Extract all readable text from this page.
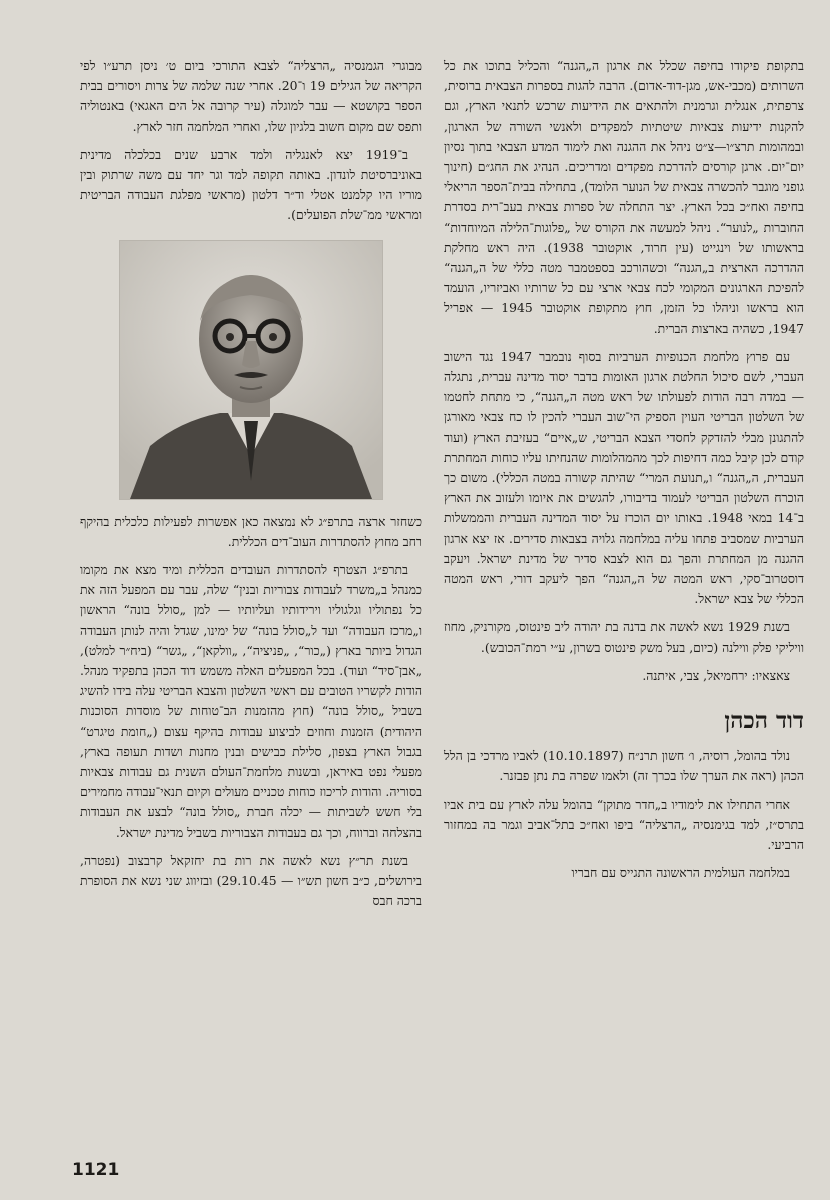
בתקופת פיקודו בחיפה שכלל את ארגון ה„הגנה“ והכליל בתוכו את כל השרותים (מכבי-אש, מגן-דוד-אדום). הרבה להגות בספרות הצבאית ברוסית, צרפתית, אנגלית וגרמנית ולהתאים את הידיעות שרכש לתנאי הארץ, וגם להקנות ידיעות צבאיות שיטתיות למפקדים ולאנשי השורה של הארגון, ובמהומות תרצ״ו—צ״ט ניהל את ההגנה ואת לימוד המדע הצבאי בתוך נסיון יום־יום. ארגן קורסים להדרכת מפקדים ומדריכים. הנהיג את החג״ם (חינוך גופני מוגבר להכשרה צבאית של הנוער הלומד), בתחילה בבית־הספר הריאלי בחיפה ואח״כ בכל הארץ. יצר התחלה של ספרות צבאית בעב־רית בסדרת החוברות „לנוער“. ניהל למעשה את הקורס של „פלוגות־הלילה המיוחדות“ בראשותו של וינגייט (עין חרוד, אוקטובר 1938). היה ראש מחלקת ההדרכה הארצית ב„הגנה“ וכשהורכב בספטמבר מטה כללי של ה„הגנה“ להפיכת הארגונים המקומי לכח צבאי ארצי עם כל שרותיו ואביזריו, הועמד הוא בראשו וניהלו כל הזמן, חוץ מתקופת אוקטובר 1945 — אפריל 1947, כשהיה בארצות הברית.

עם פרוץ מלחמת הכנופיות הערביות בסוף נובמבר 1947 נגד הישוב העברי, לשם סיכול החלטת ארגון האומות בדבר יסוד מדינה עברית, נתגלה — במדה רבה הודות לפעולתו של ראש מטה ה„הגנה“, כי מתחת לחטמו של השלטון הבריטי העוין הספיק הי־שוב העברי להכין לו כח צבאי מאורגן להתגונן מבלי להזדקק לחסדי הצבא הבריטי, ש„איים“ בעזיבת הארץ (ועוד קודם לכן קיבל כמה דחיפות לכך מהמהלומות שהנחיתו עליו כוחות המחתרת העברית, ה„הגנה“ ו„תנועת המרי“ שהיתה קשורה במטה הכללי). משום כך הוכרח השלטון הבריטי לעמוד בדיבורו, להגשים את איומו ולעזוב את הארץ ב־14 במאי 1948. באותו יום הוכרז על יסוד המדינה העברית והממשלות הערביות שמסביב פתחו עליה במלחמה גלויה בצבאות סדירים. אז יצא ארגון ההגנה מן המחתרת והפך גם הוא לצבא סדיר של מדינת ישראל. ויעקב דוסטרוב־סקי, ראש המטה של ה„הגנה“ הפך ליעקב דורי, ראש המטה הכללי של צבא ישראל.

בשנת 1929 נשא לאשה את בדנה בת יהודה ליב פינטוס, מקורניק, מחוז וויליקי פלק ווילנה (כיום, בעל משק פינטוס בשרון, ע״י רמת־הכובש).

צאצאיו: ירחמיאל, צבי, איתנה.

דוד הכהן

נולד בהומל, רוסיה, ו׳ חשון תרנ״ח (10.10.1897) לאביו מרדכי בן הלל הכהן (ראה את הערך שלו בכרך זה) ולאמו שפרה בת נתן פבזנר.

אחרי התחילו את לימודיו ב„חדר מתוקן“ בהומל עלה לארץ עם בית אביו בתרס״ז, למד בגימנסיה „הרצליה“ ביפו ואח״כ בתל־אביב וגמר בה במחזור הרביעי.

במלחמה העולמית הראשונה התגייס עם חבריו

מבוגרי הגמנסיה „הרצליה“ לצבא התורכי ביום ט׳ ניסן תרע״ו לפי הקריאה של הגילים 19 ו־20. אחרי שנה שלמה של צרות ויסורים בבית הספר בקושטא — עבר למוגלה (עיר קרובה אל הים האגאי) באנטוליה ותפס שם מקום חשוב בלגיון שלו, ואחרי המלחמה חזר לארץ.

ב־1919 יצא לאנגליה ולמד ארבע שנים בכלכלה מדינית באוניברסיטת לונדון. באותה תקופה למד וגר יחד עם משה שרתוק ובין מוריו היו קלמנט אטלי וד״ר דלטון (מראשי מפלגת העבודה הבריטית ומראשי ממ־שלת הפועלים).

כשחזר ארצה בתרפ״ג לא נמצאה כאן אפשרות לפעילות כלכלית בהיקף רחב מחוץ להסתדרות העוב־דים הכללית.

בתרפ״ג הצטרף להסתדרות העובדים הכללית ומיד מצא את מקומו כמנהל ב„משרד לעבודות צבוריות ובנין“ שלה, עבר עם המפעל הזה את כל נפתוליו וגלגוליו וירידותיו ועליותיו — למן „סולל בונה“ הראשון ו„מרכז העבודה“ ועד ל„סולל בונה“ של ימינו, שגדל והיה לנותן העבודה הגדול ביותר בארץ („כור“, „פניציה“, „וולקאן“, „גשר“ (ביח״ר למלט), „אבן־סיד“ ועוד). בכל המפעלים האלה משמש דוד הכהן בתפקיד מנהל. הודות לקשריו הטובים עם ראשי השלטון והצבא הבריטי עלה בידו להשיג בשביל „סולל בונה“ (חוץ מהזמנות הב־טוחות של מוסדות הסוכנות היהודית) הזמנות וחוזים לביצוע עבודות בהיקף עצום („חומת טיגרט“ בגבול הארץ בצפון, סלילת כבישים ובנין מחנות ושדות תעופה בארץ, מפעלי נפט באיראן, ובשנות מלחמת־העולם השנית גם עבודות צבאיות בסוריה. והודות לריכוז כוחות טכניים מעולים וקיום תנאי־עבודה מחמירים בלי חשש לשביתות — יכלה חברת „סולל בונה“ לבצע את העבודות בהצלחה וברווח, וכך גם בעבודות הצבוריות בשביל מדינת ישראל.

בשנת תר״ץ נשא לאשה את רות בת יחזקאל קרבצוב (נפטרה, בירושלים, כ״ב חשון תש״ו — 29.10.45) ובזיווג שני נשא את הסופרת ברכה חבס

1121
